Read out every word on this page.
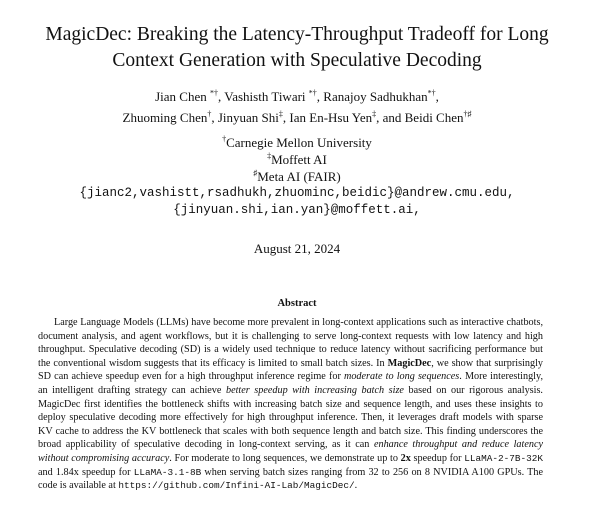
MagicDec: Breaking the Latency-Throughput Tradeoff for Long
Context Generation with Speculative Decoding
Jian Chen *†, Vashisth Tiwari *†, Ranajoy Sadhukhan*†,
Zhuoming Chen†, Jinyuan Shi‡, Ian En-Hsu Yen‡, and Beidi Chen†♯
†Carnegie Mellon University
‡Moffett AI
♯Meta AI (FAIR)
{jianc2,vashistt,rsadhukh,zhuominc,beidic}@andrew.cmu.edu,
{jinyuan.shi,ian.yan}@moffett.ai,
August 21, 2024
Abstract
Large Language Models (LLMs) have become more prevalent in long-context applications such as interactive chatbots, document analysis, and agent workflows, but it is challenging to serve long-context requests with low latency and high throughput. Speculative decoding (SD) is a widely used technique to reduce latency without sacrificing performance but the conventional wisdom suggests that its efficacy is limited to small batch sizes. In MagicDec, we show that surprisingly SD can achieve speedup even for a high throughput inference regime for moderate to long sequences. More interestingly, an intelligent drafting strategy can achieve better speedup with increasing batch size based on our rigorous analysis. MagicDec first identifies the bottleneck shifts with increasing batch size and sequence length, and uses these insights to deploy speculative decoding more effectively for high throughput inference. Then, it leverages draft models with sparse KV cache to address the KV bottleneck that scales with both sequence length and batch size. This finding underscores the broad applicability of speculative decoding in long-context serving, as it can enhance throughput and reduce latency without compromising accuracy. For moderate to long sequences, we demonstrate up to 2x speedup for LLaMA-2-7B-32K and 1.84x speedup for LLaMA-3.1-8B when serving batch sizes ranging from 32 to 256 on 8 NVIDIA A100 GPUs. The code is available at https://github.com/Infini-AI-Lab/MagicDec/.
